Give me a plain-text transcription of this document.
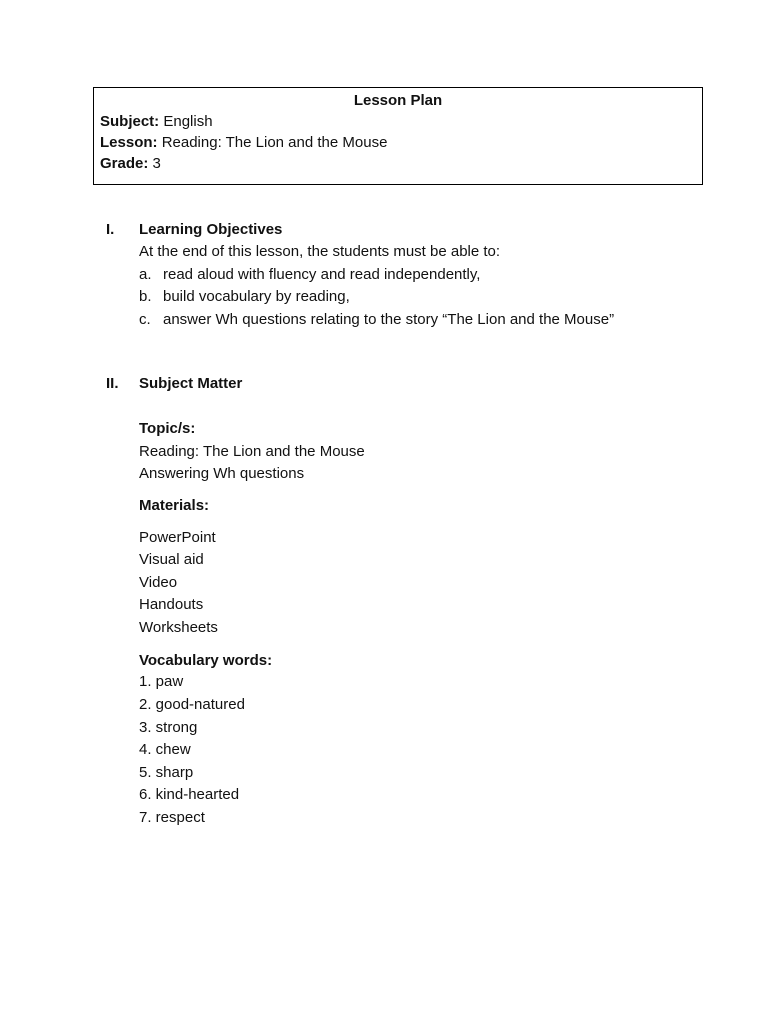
Lesson Plan
Subject: English
Lesson: Reading: The Lion and the Mouse
Grade: 3
I. Learning Objectives
At the end of this lesson, the students must be able to:
a. read aloud with fluency and read independently,
b. build vocabulary by reading,
c. answer Wh questions relating to the story “The Lion and the Mouse”
II. Subject Matter
Topic/s:
Reading: The Lion and the Mouse
Answering Wh questions
Materials:
PowerPoint
Visual aid
Video
Handouts
Worksheets
Vocabulary words:
1. paw
2. good-natured
3. strong
4. chew
5. sharp
6. kind-hearted
7. respect
